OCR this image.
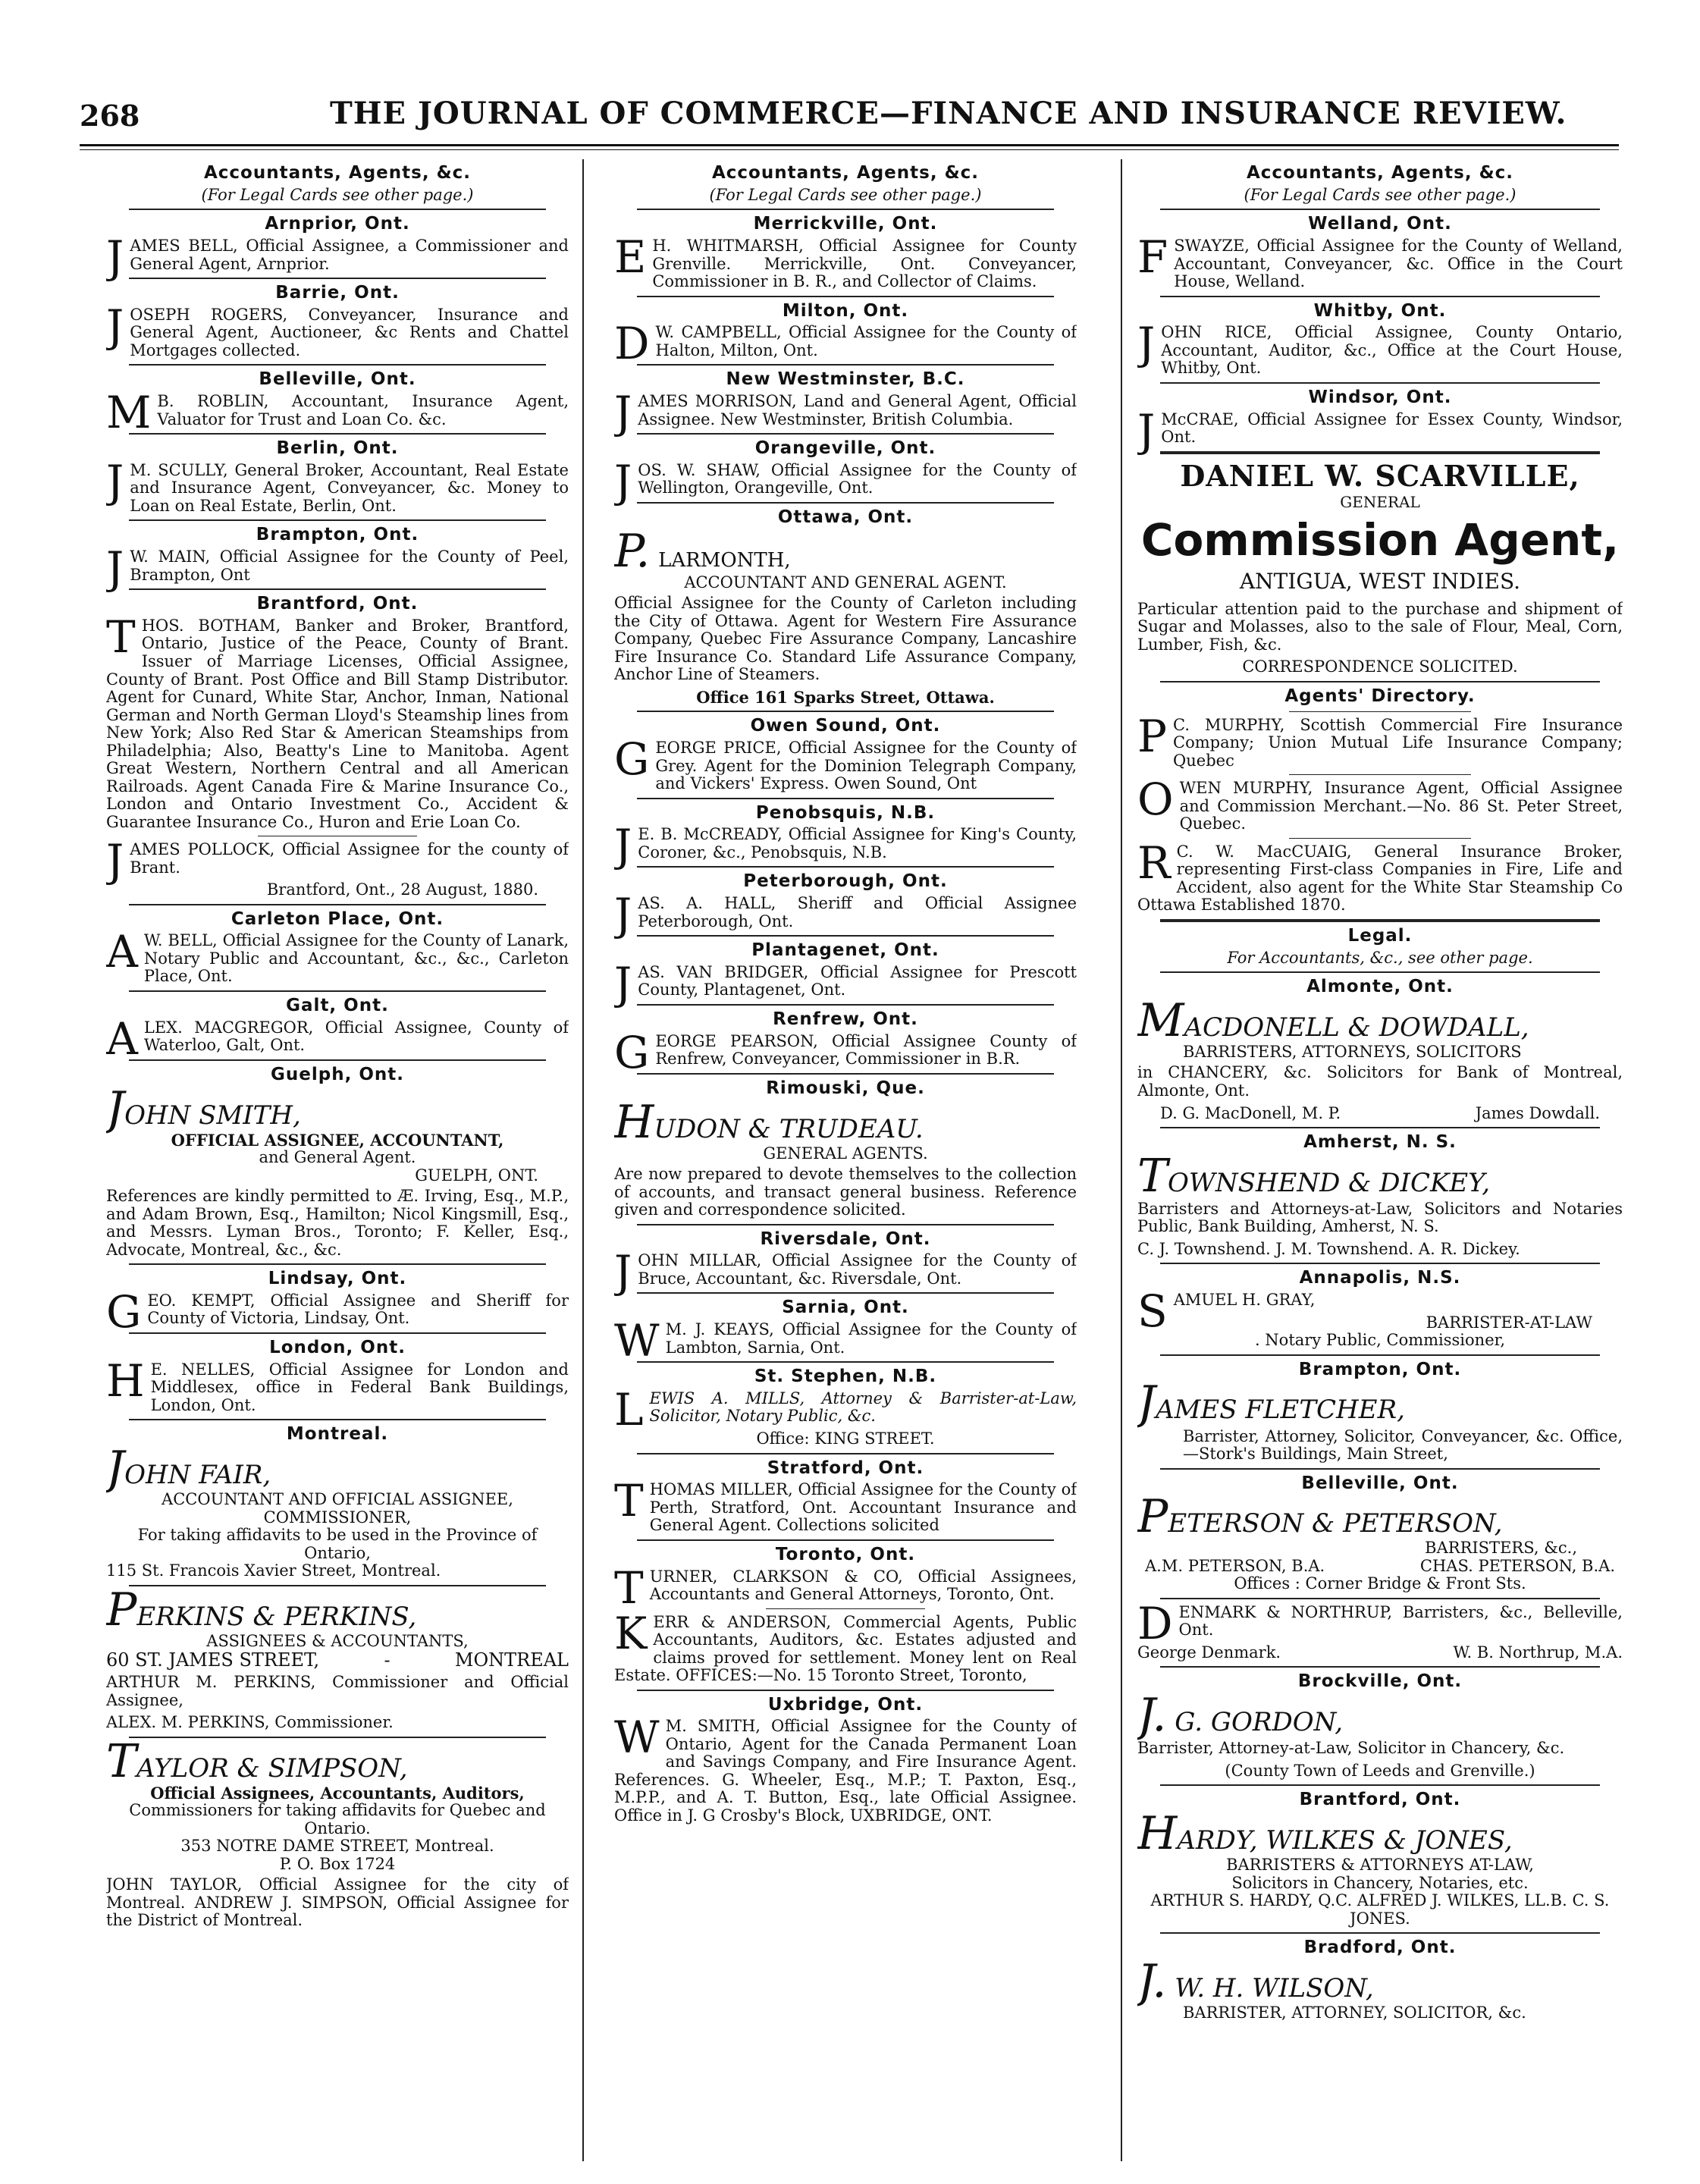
268	THE JOURNAL OF COMMERCE—FINANCE AND INSURANCE REVIEW.
Accountants, Agents, &c.
(For Legal Cards see other page.)
Arnprior, Ont.
JAMES BELL, Official Assignee, a Commissioner and General Agent, Arnprior.
Barrie, Ont.
JOSEPH ROGERS, Conveyancer, Insurance and General Agent, Auctioneer, &c Rents and Chattel Mortgages collected.
Belleville, Ont.
M B. ROBLIN, Accountant, Insurance Agent, Valuator for Trust and Loan Co. &c.
Berlin, Ont.
J M. SCULLY, General Broker, Accountant, Real Estate and Insurance Agent, Conveyancer, &c. Money to Loan on Real Estate, Berlin, Ont.
Brampton, Ont.
J W. MAIN, Official Assignee for the County of Peel, Brampton, Ont
Brantford, Ont.
THOS. BOTHAM, Banker and Broker, Brantford, Ontario, Justice of the Peace, County of Brant. Issuer of Marriage Licenses, Official Assignee, County of Brant. Post Office and Bill Stamp Distributor. Agent for Cunard, White Star, Anchor, Inman, National German and North German Lloyd's Steamship lines from New York; Also Red Star & American Steamships from Philadelphia; Also, Beatty's Line to Manitoba. Agent Great Western, Northern Central and all American Railroads. Agent Canada Fire & Marine Insurance Co., London and Ontario Investment Co., Accident & Guarantee Insurance Co., Huron and Erie Loan Co.
JAMES POLLOCK, Official Assignee for the county of Brant.
Brantford, Ont., 28 August, 1880.
Carleton Place, Ont.
A W. BELL, Official Assignee for the County of Lanark, Notary Public and Accountant, &c., &c., Carleton Place, Ont.
Galt, Ont.
ALEX. MACGREGOR, Official Assignee, County of Waterloo, Galt, Ont.
Guelph, Ont.
JOHN SMITH,
OFFICIAL ASSIGNEE, ACCOUNTANT,
and General Agent.
GUELPH, ONT.
References are kindly permitted to Æ. Irving, Esq., M.P., and Adam Brown, Esq., Hamilton; Nicol Kingsmill, Esq., and Messrs. Lyman Bros., Toronto; F. Keller, Esq., Advocate, Montreal, &c., &c.
Lindsay, Ont.
GEO. KEMPT, Official Assignee and Sheriff for County of Victoria, Lindsay, Ont.
London, Ont.
H E. NELLES, Official Assignee for London and Middlesex, office in Federal Bank Buildings, London, Ont.
Montreal.
JOHN FAIR,
ACCOUNTANT AND OFFICIAL ASSIGNEE,
COMMISSIONER,
For taking affidavits to be used in the Province of Ontario,
115 St. Francois Xavier Street, Montreal.
PERKINS & PERKINS,
ASSIGNEES & ACCOUNTANTS,
60 ST. JAMES STREET,	-	MONTREAL
ARTHUR M. PERKINS, Commissioner and Official Assignee,
ALEX. M. PERKINS, Commissioner.
TAYLOR & SIMPSON,
Official Assignees, Accountants, Auditors,
Commissioners for taking affidavits for Quebec and Ontario.
353 NOTRE DAME STREET, Montreal.
P. O. Box 1724
JOHN TAYLOR, Official Assignee for the city of Montreal. ANDREW J. SIMPSON, Official Assignee for the District of Montreal.
Accountants, Agents, &c.
(For Legal Cards see other page.)
Merrickville, Ont.
E H. WHITMARSH, Official Assignee for County Grenville. Merrickville, Ont. Conveyancer, Commissioner in B. R., and Collector of Claims.
Milton, Ont.
D W. CAMPBELL, Official Assignee for the County of Halton, Milton, Ont.
New Westminster, B.C.
JAMES MORRISON, Land and General Agent, Official Assignee. New Westminster, British Columbia.
Orangeville, Ont.
JOS. W. SHAW, Official Assignee for the County of Wellington, Orangeville, Ont.
Ottawa, Ont.
P. LARMONTH,
ACCOUNTANT AND GENERAL AGENT.
Official Assignee for the County of Carleton including the City of Ottawa. Agent for Western Fire Assurance Company, Quebec Fire Assurance Company, Lancashire Fire Insurance Co. Standard Life Assurance Company, Anchor Line of Steamers.
Office 161 Sparks Street, Ottawa.
Owen Sound, Ont.
GEORGE PRICE, Official Assignee for the County of Grey. Agent for the Dominion Telegraph Company, and Vickers' Express. Owen Sound, Ont
Penobsquis, N.B.
J E. B. McCREADY, Official Assignee for King's County, Coroner, &c., Penobsquis, N.B.
Peterborough, Ont.
JAS. A. HALL, Sheriff and Official Assignee Peterborough, Ont.
Plantagenet, Ont.
JAS. VAN BRIDGER, Official Assignee for Prescott County, Plantagenet, Ont.
Renfrew, Ont.
GEORGE PEARSON, Official Assignee County of Renfrew, Conveyancer, Commissioner in B.R.
Rimouski, Que.
HUDON & TRUDEAU.
GENERAL AGENTS.
Are now prepared to devote themselves to the collection of accounts, and transact general business. Reference given and correspondence solicited.
Riversdale, Ont.
JOHN MILLAR, Official Assignee for the County of Bruce, Accountant, &c. Riversdale, Ont.
Sarnia, Ont.
W M. J. KEAYS, Official Assignee for the County of Lambton, Sarnia, Ont.
St. Stephen, N.B.
LEWIS A. MILLS, Attorney & Barrister-at-Law, Solicitor, Notary Public, &c.
Office: KING STREET.
Stratford, Ont.
THOMAS MILLER, Official Assignee for the County of Perth, Stratford, Ont. Accountant Insurance and General Agent. Collections solicited
Toronto, Ont.
TURNER, CLARKSON & CO, Official Assignees, Accountants and General Attorneys, Toronto, Ont.
KERR & ANDERSON, Commercial Agents, Public Accountants, Auditors, &c. Estates adjusted and claims proved for settlement. Money lent on Real Estate. OFFICES:—No. 15 Toronto Street, Toronto,
Uxbridge, Ont.
W M. SMITH, Official Assignee for the County of Ontario, Agent for the Canada Permanent Loan and Savings Company, and Fire Insurance Agent. References. G. Wheeler, Esq., M.P.; T. Paxton, Esq., M.P.P., and A. T. Button, Esq., late Official Assignee. Office in J. G Crosby's Block, UXBRIDGE, ONT.
Accountants, Agents, &c.
(For Legal Cards see other page.)
Welland, Ont.
FSWAYZE, Official Assignee for the County of Welland, Accountant, Conveyancer, &c. Office in the Court House, Welland.
Whitby, Ont.
JOHN RICE, Official Assignee, County Ontario, Accountant, Auditor, &c., Office at the Court House, Whitby, Ont.
Windsor, Ont.
J McCRAE, Official Assignee for Essex County, Windsor, Ont.
DANIEL W. SCARVILLE,
GENERAL
Commission Agent,
ANTIGUA, WEST INDIES.
Particular attention paid to the purchase and shipment of Sugar and Molasses, also to the sale of Flour, Meal, Corn, Lumber, Fish, &c.
CORRESPONDENCE SOLICITED.
Agents' Directory.
P C. MURPHY, Scottish Commercial Fire Insurance Company; Union Mutual Life Insurance Company; Quebec
OWEN MURPHY, Insurance Agent, Official Assignee and Commission Merchant.—No. 86 St. Peter Street, Quebec.
R C. W. MacCUAIG, General Insurance Broker, representing First-class Companies in Fire, Life and Accident, also agent for the White Star Steamship Co Ottawa Established 1870.
Legal.
For Accountants, &c., see other page.
Almonte, Ont.
MACDONELL & DOWDALL,
BARRISTERS, ATTORNEYS, SOLICITORS
in CHANCERY, &c. Solicitors for Bank of Montreal, Almonte, Ont.
D. G. MacDonell, M. P.	James Dowdall.
Amherst, N. S.
TOWNSHEND & DICKEY,
Barristers and Attorneys-at-Law, Solicitors and Notaries Public, Bank Building, Amherst, N. S.
C. J. Townshend. J. M. Townshend. A. R. Dickey.
Annapolis, N.S.
SAMUEL H. GRAY,
BARRISTER-AT-LAW
. Notary Public, Commissioner,
Brampton, Ont.
JAMES FLETCHER,
Barrister, Attorney, Solicitor, Conveyancer, &c. Office,—Stork's Buildings, Main Street,
Belleville, Ont.
PETERSON & PETERSON,
BARRISTERS, &c.,
A.M. PETERSON, B.A.	CHAS. PETERSON, B.A.
Offices : Corner Bridge & Front Sts.
DENMARK & NORTHRUP, Barristers, &c., Belleville, Ont.
George Denmark.	W. B. Northrup, M.A.
Brockville, Ont.
J. G. GORDON,
Barrister, Attorney-at-Law, Solicitor in Chancery, &c.
(County Town of Leeds and Grenville.)
Brantford, Ont.
HARDY, WILKES & JONES,
BARRISTERS & ATTORNEYS AT-LAW,
Solicitors in Chancery, Notaries, etc.
ARTHUR S. HARDY, Q.C. ALFRED J. WILKES, LL.B. C. S. JONES.
Bradford, Ont.
J. W. H. WILSON,
BARRISTER, ATTORNEY, SOLICITOR, &c.
